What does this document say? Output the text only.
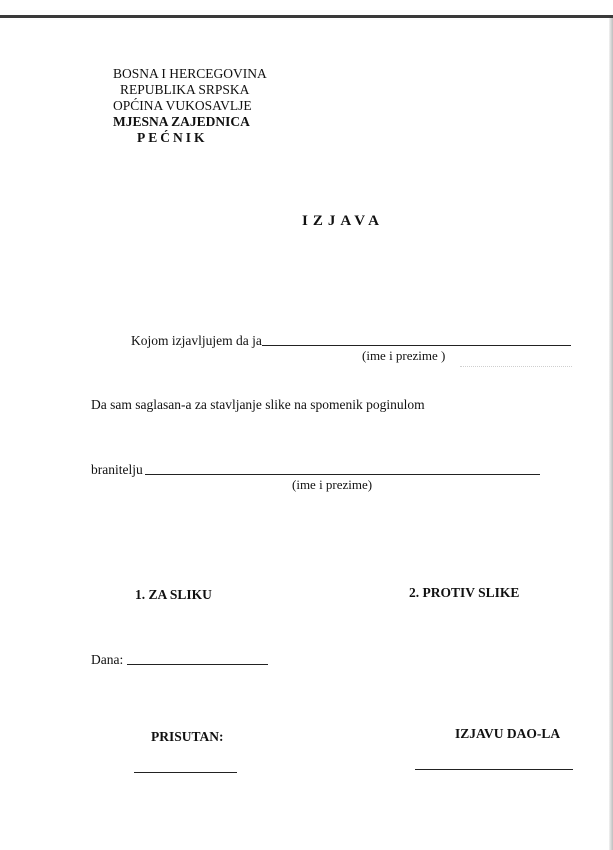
BOSNA I HERCEGOVINA
REPUBLIKA SRPSKA
OPĆINA VUKOSAVLJE
MJESNA ZAJEDNICA
PEĆNIK
IZJAVA
Kojom izjavljujem da ja
(ime i prezime )
Da sam saglasan-a za stavljanje slike na spomenik poginulom
branitelju
(ime i prezime)
1. ZA SLIKU	2. PROTIV SLIKE
Dana:
PRISUTAN:	IZJAVU DAO-LA
